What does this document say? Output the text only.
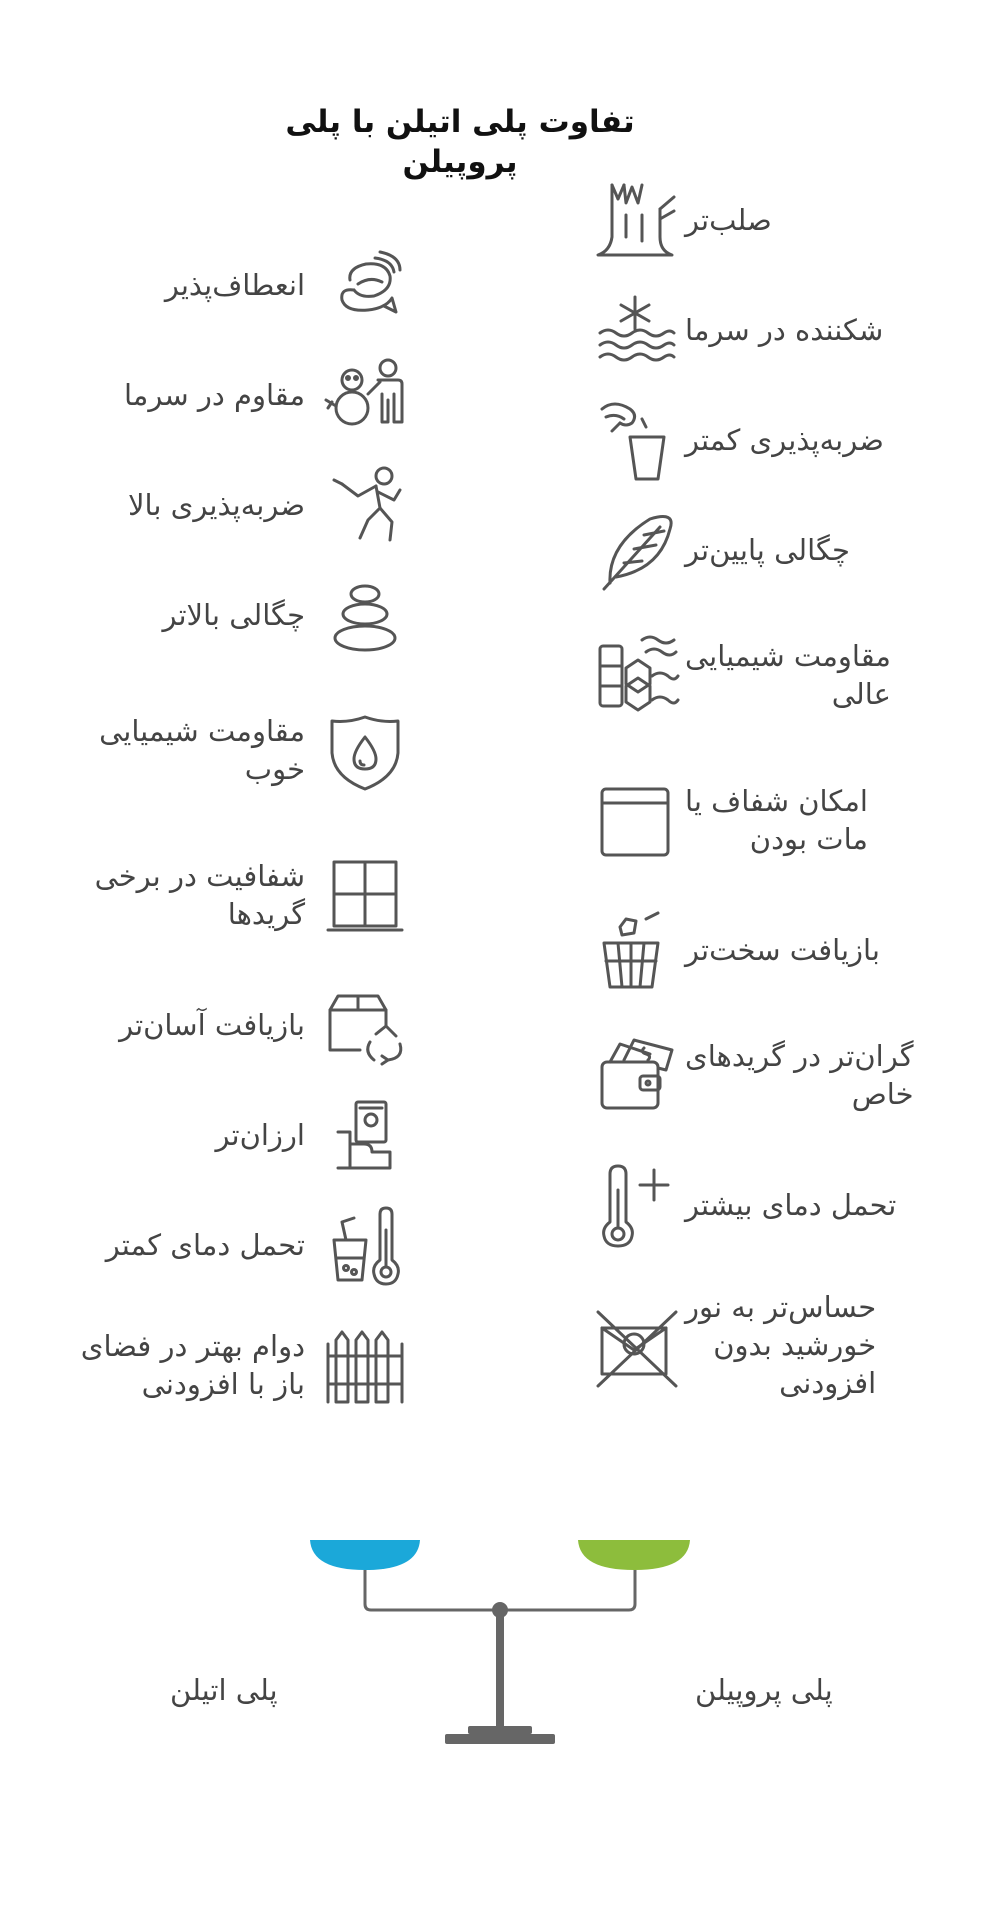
تفاوت پلی اتیلن با پلی پروپیلن
انعطاف‌پذیر
مقاوم در سرما
ضربه‌پذیری بالا
چگالی بالاتر
مقاومت شیمیایی
خوب
شفافیت در برخی
گریدها
بازیافت آسان‌تر
ارزان‌تر
تحمل دمای کمتر
دوام بهتر در فضای
باز با افزودنی
صلب‌تر
شکننده در سرما
ضربه‌پذیری کمتر
چگالی پایین‌تر
مقاومت شیمیایی
عالی
امکان شفاف یا
مات بودن
بازیافت سخت‌تر
گران‌تر در گریدهای
خاص
تحمل دمای بیشتر
حساس‌تر به نور
خورشید بدون
افزودنی
پلی اتیلن	پلی پروپیلن
